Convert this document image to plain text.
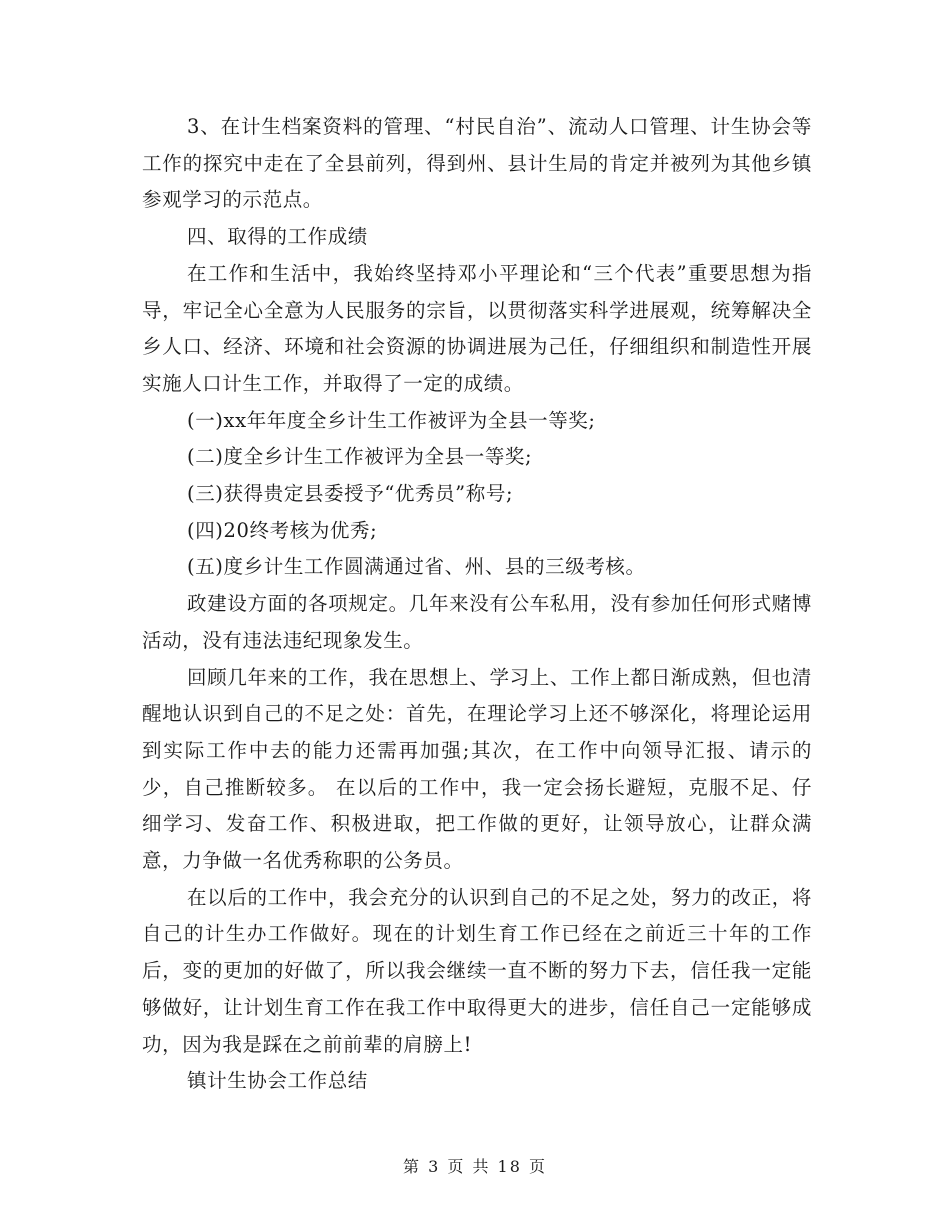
3、在计生档案资料的管理、“村民自治”、流动人口管理、计生协会等工作的探究中走在了全县前列，得到州、县计生局的肯定并被列为其他乡镇参观学习的示范点。

四、取得的工作成绩

在工作和生活中，我始终坚持邓小平理论和“三个代表”重要思想为指导，牢记全心全意为人民服务的宗旨，以贯彻落实科学进展观，统筹解决全乡人口、经济、环境和社会资源的协调进展为己任，仔细组织和制造性开展实施人口计生工作，并取得了一定的成绩。

(一)xx年年度全乡计生工作被评为全县一等奖;

(二)度全乡计生工作被评为全县一等奖;

(三)获得贵定县委授予“优秀员”称号;

(四)20终考核为优秀;

(五)度乡计生工作圆满通过省、州、县的三级考核。

政建设方面的各项规定。几年来没有公车私用，没有参加任何形式赌博活动，没有违法违纪现象发生。

回顾几年来的工作，我在思想上、学习上、工作上都日渐成熟，但也清醒地认识到自己的不足之处：首先，在理论学习上还不够深化，将理论运用到实际工作中去的能力还需再加强;其次，在工作中向领导汇报、请示的少，自己推断较多。 在以后的工作中，我一定会扬长避短，克服不足、仔细学习、发奋工作、积极进取，把工作做的更好，让领导放心，让群众满意，力争做一名优秀称职的公务员。

在以后的工作中，我会充分的认识到自己的不足之处，努力的改正，将自己的计生办工作做好。现在的计划生育工作已经在之前近三十年的工作后，变的更加的好做了，所以我会继续一直不断的努力下去，信任我一定能够做好，让计划生育工作在我工作中取得更大的进步，信任自己一定能够成功，因为我是踩在之前前辈的肩膀上!

镇计生协会工作总结

第 3 页 共 18 页
